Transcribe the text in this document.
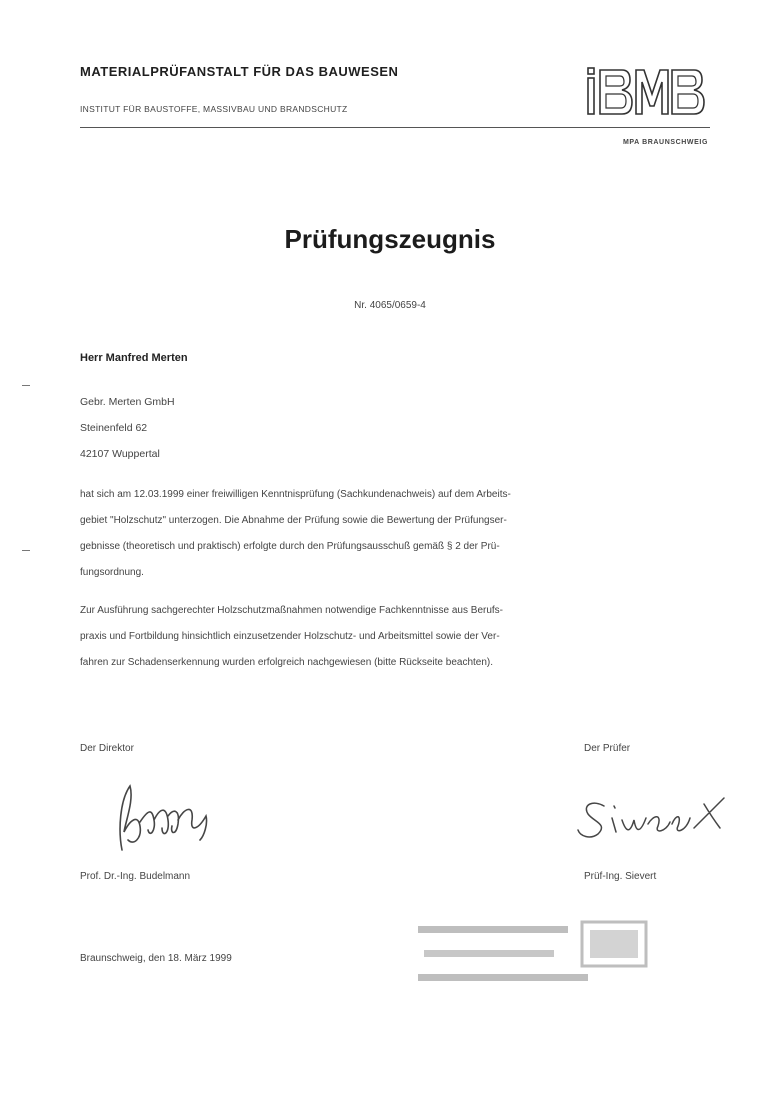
MATERIALPRÜFANSTALT FÜR DAS BAUWESEN
INSTITUT FÜR BAUSTOFFE, MASSIVBAU UND BRANDSCHUTZ
MPA BRAUNSCHWEIG
Prüfungszeugnis
Nr. 4065/0659-4
Herr Manfred Merten
Gebr. Merten GmbH
Steinenfeld 62
42107 Wuppertal
hat sich am 12.03.1999 einer freiwilligen Kenntnisprüfung (Sachkundenachweis) auf dem Arbeits-
gebiet "Holzschutz" unterzogen. Die Abnahme der Prüfung sowie die Bewertung der Prüfungser-
gebnisse (theoretisch und praktisch) erfolgte durch den Prüfungsausschuß gemäß § 2 der Prü-
fungsordnung.
Zur Ausführung sachgerechter Holzschutzmaßnahmen notwendige Fachkenntnisse aus Berufs-
praxis und Fortbildung hinsichtlich einzusetzender Holzschutz- und Arbeitsmittel sowie der Ver-
fahren zur Schadenserkennung wurden erfolgreich nachgewiesen (bitte Rückseite beachten).
Der Direktor
Prof. Dr.-Ing. Budelmann
Der Prüfer
Prüf-Ing. Sievert
Braunschweig, den 18. März 1999
